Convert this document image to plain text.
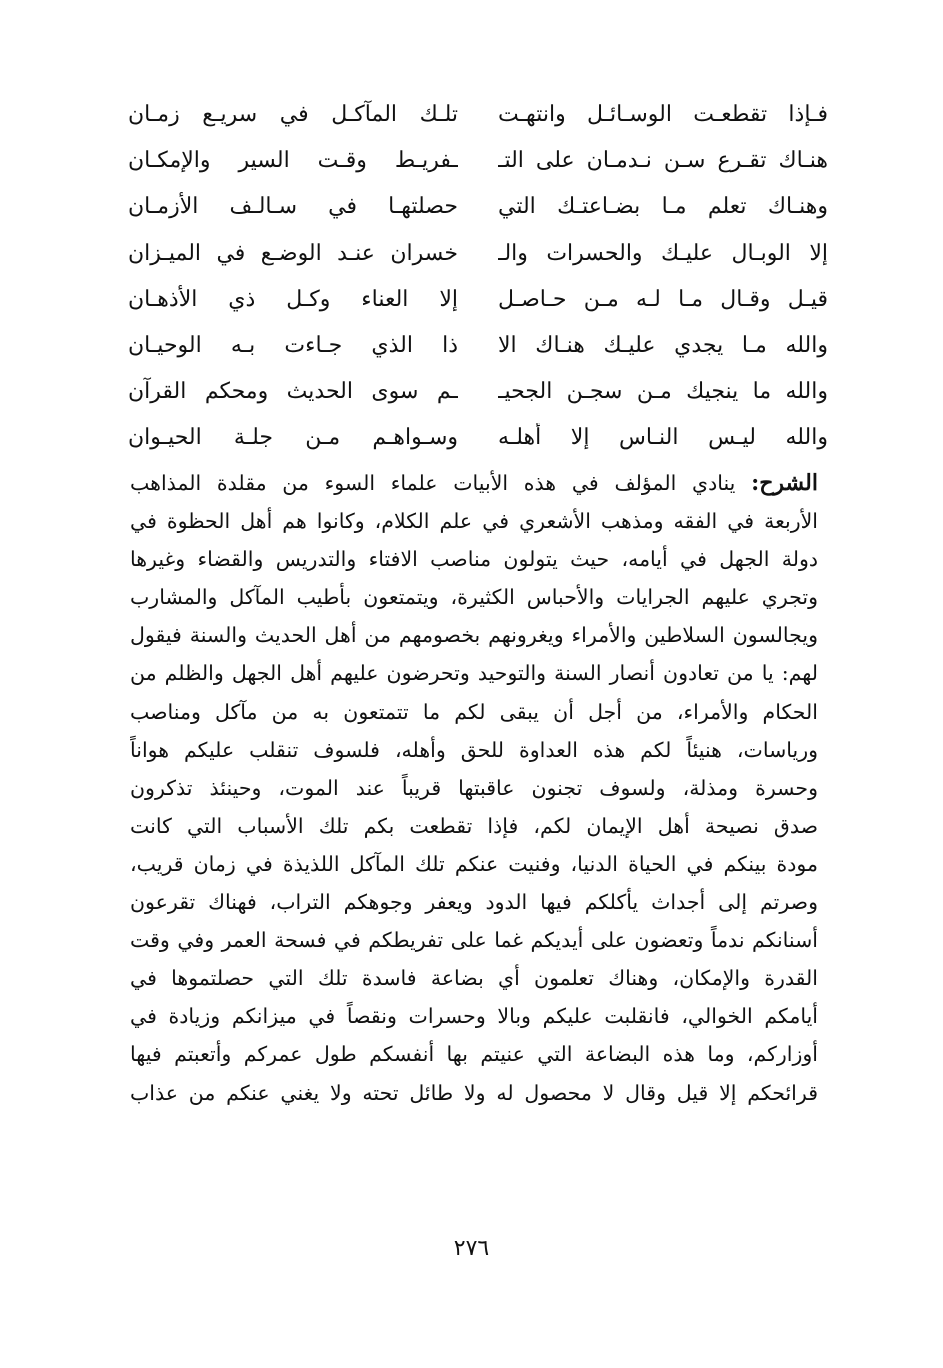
فـإذا تقطعـت الوسـائـل وانتهـت
تلـك المآكـل في سريـع زمـان
هنـاك تقـرع سـن نـدمـان على التـ
ـفريـط وقـت السير والإمكـان
وهنـاك تعلم مـا بضـاعتـك التي
حصلتهـا في سـالـف الأزمـان
إلا الوبـال عليـك والحسرات والـ
خسران عنـد الوضـع في الميـزان
قيـل وقـال مـا لـه مـن حـاصـل
إلا العناء وكـل ذي الأذهـان
والله مـا يجدي عليـك هنـاك الا
ذا الذي جـاءت بـه الوحيـان
والله ما ينجيك مـن سجـن الجحيـ
ـم سوى الحديث ومحكم القرآن
والله ليـس النـاس إلا أهلـه
وسـواهـم مـن جلـة الحيـوان
الشرح: ينادي المؤلف في هذه الأبيات علماء السوء من مقلدة المذاهب
الأربعة في الفقه ومذهب الأشعري في علم الكلام، وكانوا هم أهل الحظوة في
دولة الجهل في أيامه، حيث يتولون مناصب الافتاء والتدريس والقضاء وغيرها
وتجري عليهم الجرايات والأحباس الكثيرة، ويتمتعون بأطيب المآكل والمشارب
ويجالسون السلاطين والأمراء ويغرونهم بخصومهم من أهل الحديث والسنة فيقول
لهم: يا من تعادون أنصار السنة والتوحيد وتحرضون عليهم أهل الجهل والظلم من
الحكام والأمراء، من أجل أن يبقى لكم ما تتمتعون به من مآكل ومناصب
ورياسات، هنيئاً لكم هذه العداوة للحق وأهله، فلسوف تنقلب عليكم هواناً
وحسرة ومذلة، ولسوف تجنون عاقبتها قريباً عند الموت، وحينئذ تذكرون
صدق نصيحة أهل الإيمان لكم، فإذا تقطعت بكم تلك الأسباب التي كانت
مودة بينكم في الحياة الدنيا، وفنيت عنكم تلك المآكل اللذيذة في زمان قريب،
وصرتم إلى أجداث يأكلكم فيها الدود ويعفر وجوهكم التراب، فهناك تقرعون
أسنانكم ندماً وتعضون على أيديكم غما على تفريطكم في فسحة العمر وفي وقت
القدرة والإمكان، وهناك تعلمون أي بضاعة فاسدة تلك التي حصلتموها في
أيامكم الخوالي، فانقلبت عليكم وبالا وحسرات ونقصاً في ميزانكم وزيادة في
أوزاركم، وما هذه البضاعة التي عنيتم بها أنفسكم طول عمركم وأتعبتم فيها
قرائحكم إلا قيل وقال لا محصول له ولا طائل تحته ولا يغني عنكم من عذاب
٢٧٦
